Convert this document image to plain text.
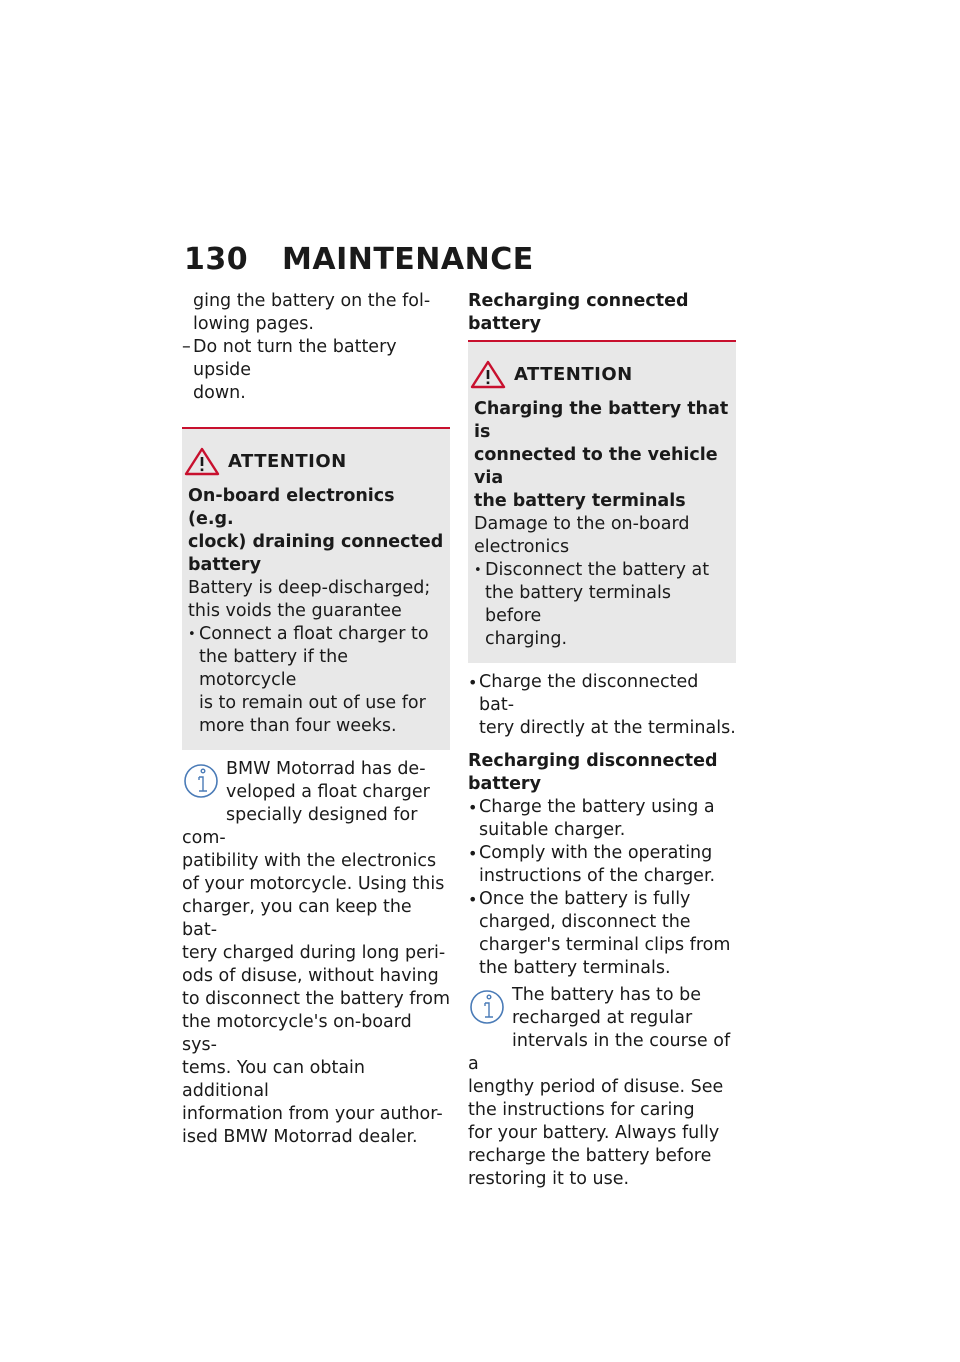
130 MAINTENANCE

ging the battery on the fol-

lowing pages.

– Do not turn the battery upside

down.

ATTENTION
On-board electronics (e.g.
clock) draining connected
battery

Battery is deep-discharged;

this voids the guarantee

• Connect a float charger to
the battery if the motorcycle
is to remain out of use for
more than four weeks.

BMW Motorrad has de-

veloped a float charger

specially designed for com-

patibility with the electronics

of your motorcycle. Using this

charger, you can keep the bat-

tery charged during long peri-

ods of disuse, without having

to disconnect the battery from

the motorcycle's on-board sys-

tems. You can obtain additional

information from your author-

ised BMW Motorrad dealer.

Recharging connected battery
ATTENTION
Charging the battery that is
connected to the vehicle via
the battery terminals

Damage to the on-board

electronics

• Disconnect the battery at
the battery terminals before
charging.
• Charge the disconnected bat-
tery directly at the terminals.
Recharging disconnected
battery
• Charge the battery using a
suitable charger.
• Comply with the operating
instructions of the charger.
• Once the battery is fully
charged, disconnect the
charger's terminal clips from
the battery terminals.

The battery has to be

recharged at regular

intervals in the course of a

lengthy period of disuse. See

the instructions for caring

for your battery. Always fully

recharge the battery before

restoring it to use.
